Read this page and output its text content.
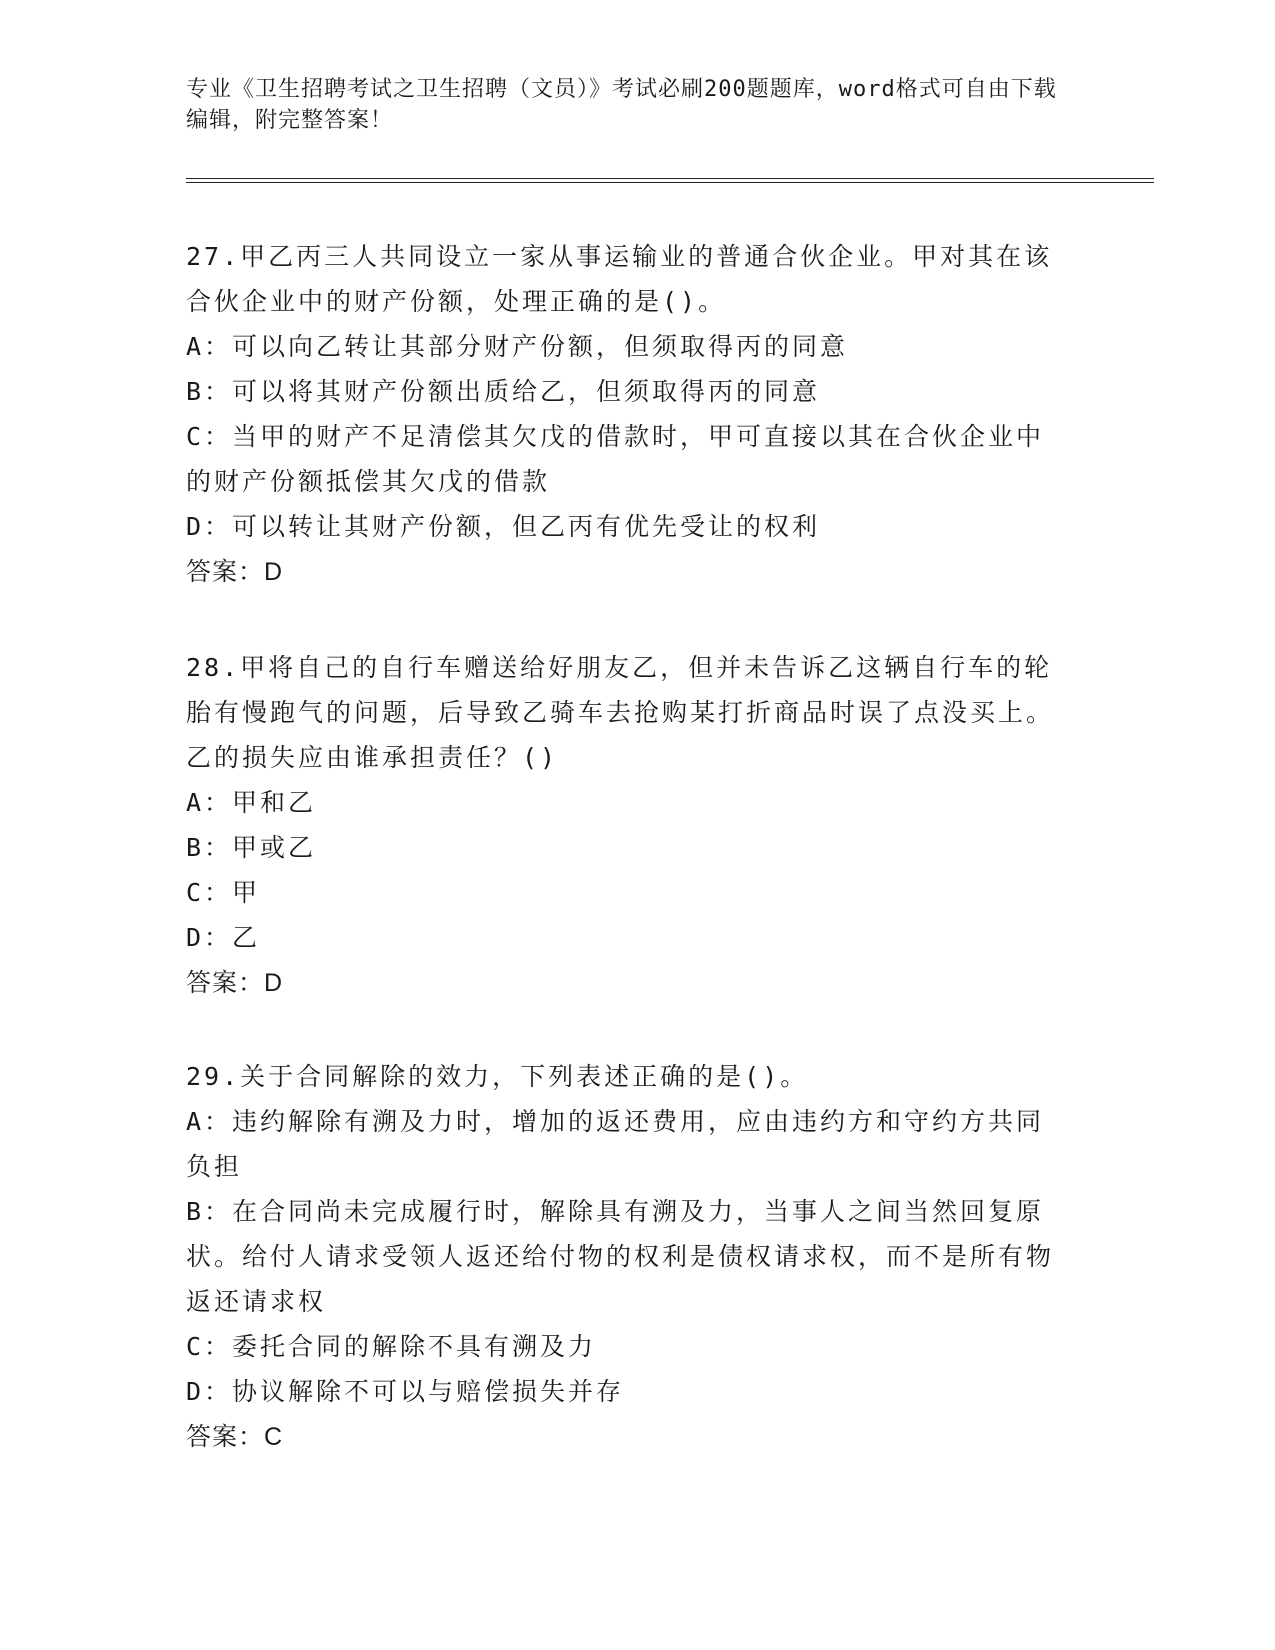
专业《卫生招聘考试之卫生招聘（文员）》考试必刷200题题库，word格式可自由下载编辑，附完整答案！

27.甲乙丙三人共同设立一家从事运输业的普通合伙企业。甲对其在该合伙企业中的财产份额，处理正确的是()。

A：可以向乙转让其部分财产份额，但须取得丙的同意

B：可以将其财产份额出质给乙，但须取得丙的同意

C：当甲的财产不足清偿其欠戊的借款时，甲可直接以其在合伙企业中的财产份额抵偿其欠戊的借款

D：可以转让其财产份额，但乙丙有优先受让的权利

答案：D

28.甲将自己的自行车赠送给好朋友乙，但并未告诉乙这辆自行车的轮胎有慢跑气的问题，后导致乙骑车去抢购某打折商品时误了点没买上。乙的损失应由谁承担责任？()

A：甲和乙

B：甲或乙

C：甲

D：乙

答案：D

29.关于合同解除的效力，下列表述正确的是()。

A：违约解除有溯及力时，增加的返还费用，应由违约方和守约方共同负担

B：在合同尚未完成履行时，解除具有溯及力，当事人之间当然回复原状。给付人请求受领人返还给付物的权利是债权请求权，而不是所有物返还请求权

C：委托合同的解除不具有溯及力

D：协议解除不可以与赔偿损失并存

答案：C
